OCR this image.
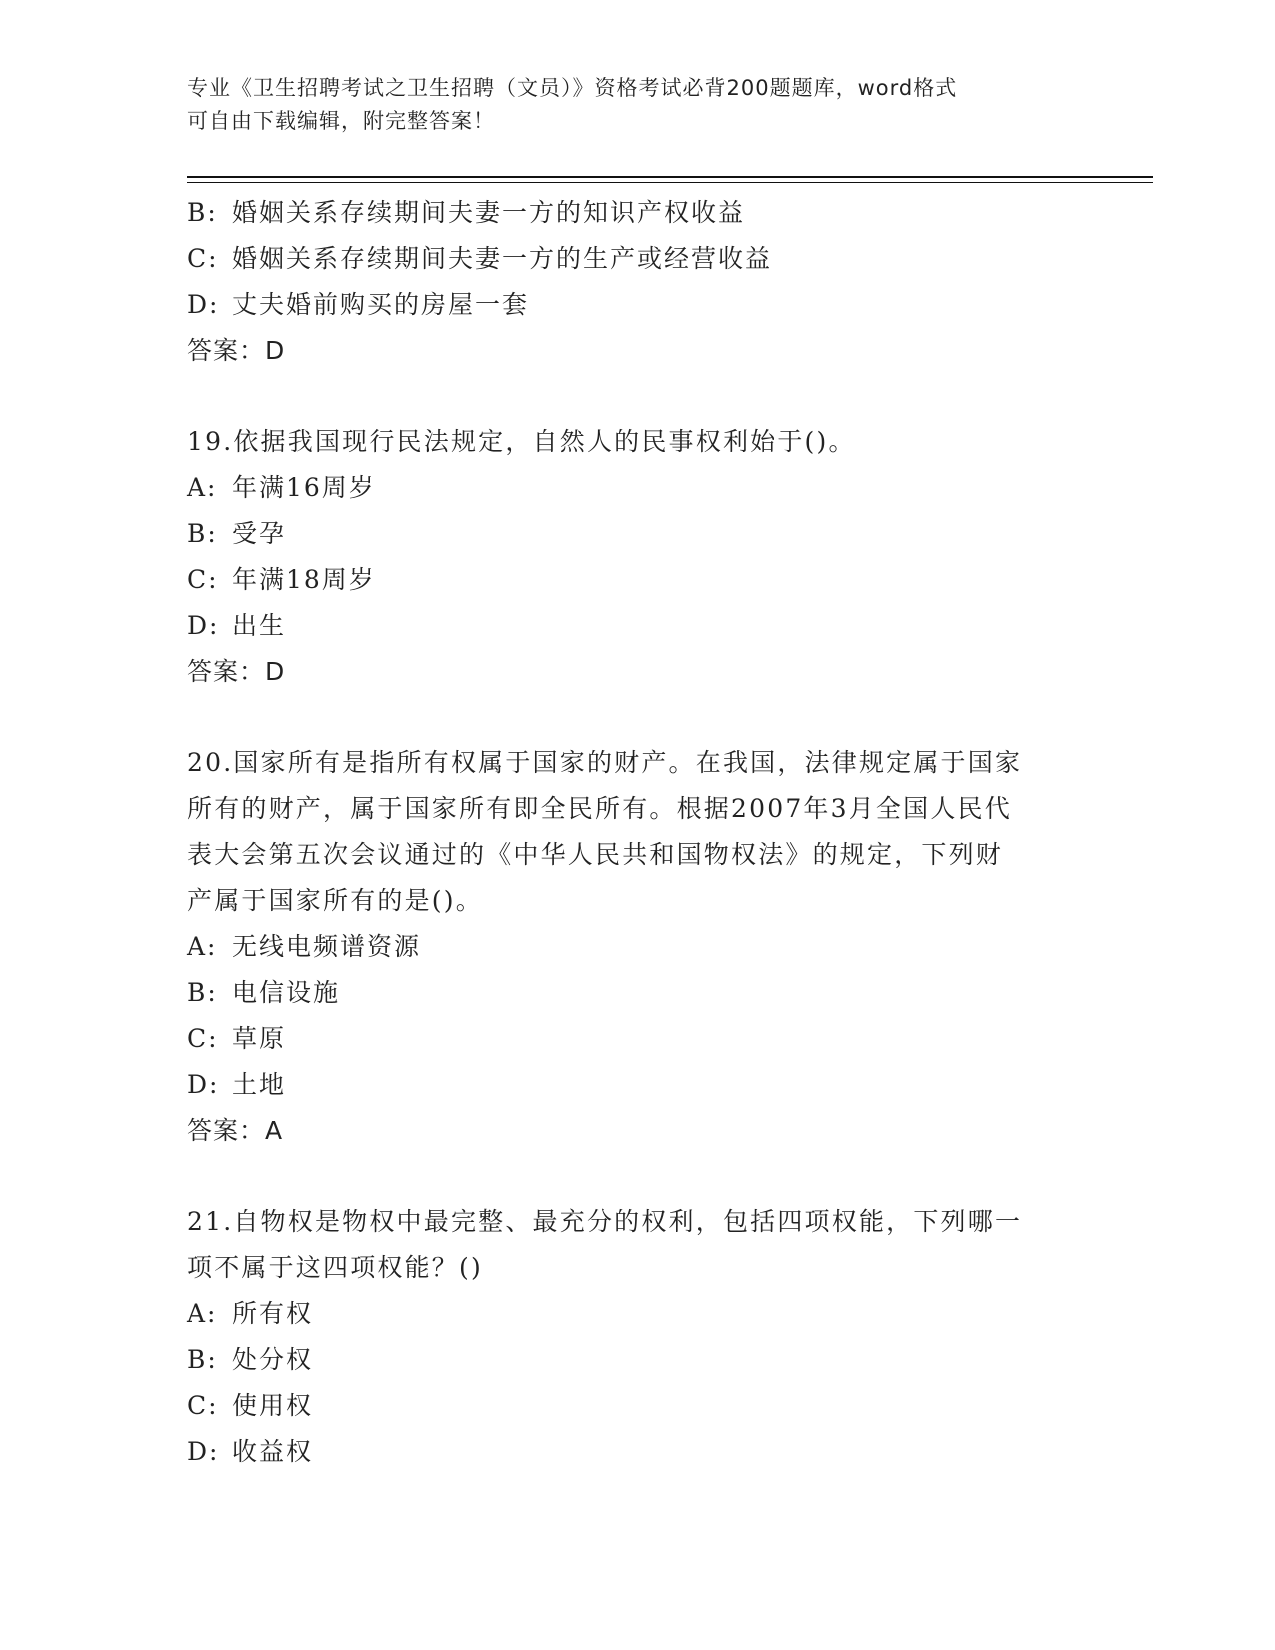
专业《卫生招聘考试之卫生招聘（文员）》资格考试必背200题题库，word格式
可自由下载编辑，附完整答案！
B: 婚姻关系存续期间夫妻一方的知识产权收益
C: 婚姻关系存续期间夫妻一方的生产或经营收益
D: 丈夫婚前购买的房屋一套
答案：D
19.依据我国现行民法规定，自然人的民事权利始于()。
A: 年满16周岁
B: 受孕
C: 年满18周岁
D: 出生
答案：D
20.国家所有是指所有权属于国家的财产。在我国，法律规定属于国家
所有的财产，属于国家所有即全民所有。根据2007年3月全国人民代
表大会第五次会议通过的《中华人民共和国物权法》的规定，下列财
产属于国家所有的是()。
A: 无线电频谱资源
B: 电信设施
C: 草原
D: 土地
答案：A
21.自物权是物权中最完整、最充分的权利，包括四项权能，下列哪一
项不属于这四项权能？()
A: 所有权
B: 处分权
C: 使用权
D: 收益权
